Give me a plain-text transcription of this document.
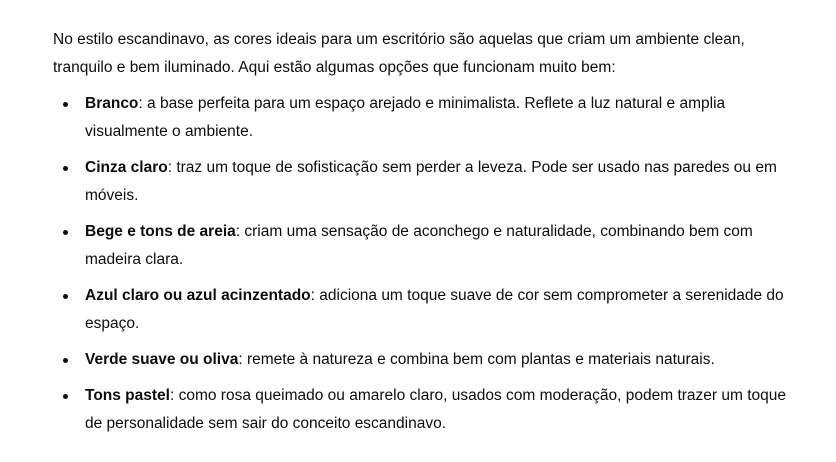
No estilo escandinavo, as cores ideais para um escritório são aquelas que criam um ambiente clean, tranquilo e bem iluminado. Aqui estão algumas opções que funcionam muito bem:

Branco: a base perfeita para um espaço arejado e minimalista. Reflete a luz natural e amplia visualmente o ambiente.
Cinza claro: traz um toque de sofisticação sem perder a leveza. Pode ser usado nas paredes ou em móveis.
Bege e tons de areia: criam uma sensação de aconchego e naturalidade, combinando bem com madeira clara.
Azul claro ou azul acinzentado: adiciona um toque suave de cor sem comprometer a serenidade do espaço.
Verde suave ou oliva: remete à natureza e combina bem com plantas e materiais naturais.
Tons pastel: como rosa queimado ou amarelo claro, usados com moderação, podem trazer um toque de personalidade sem sair do conceito escandinavo.
